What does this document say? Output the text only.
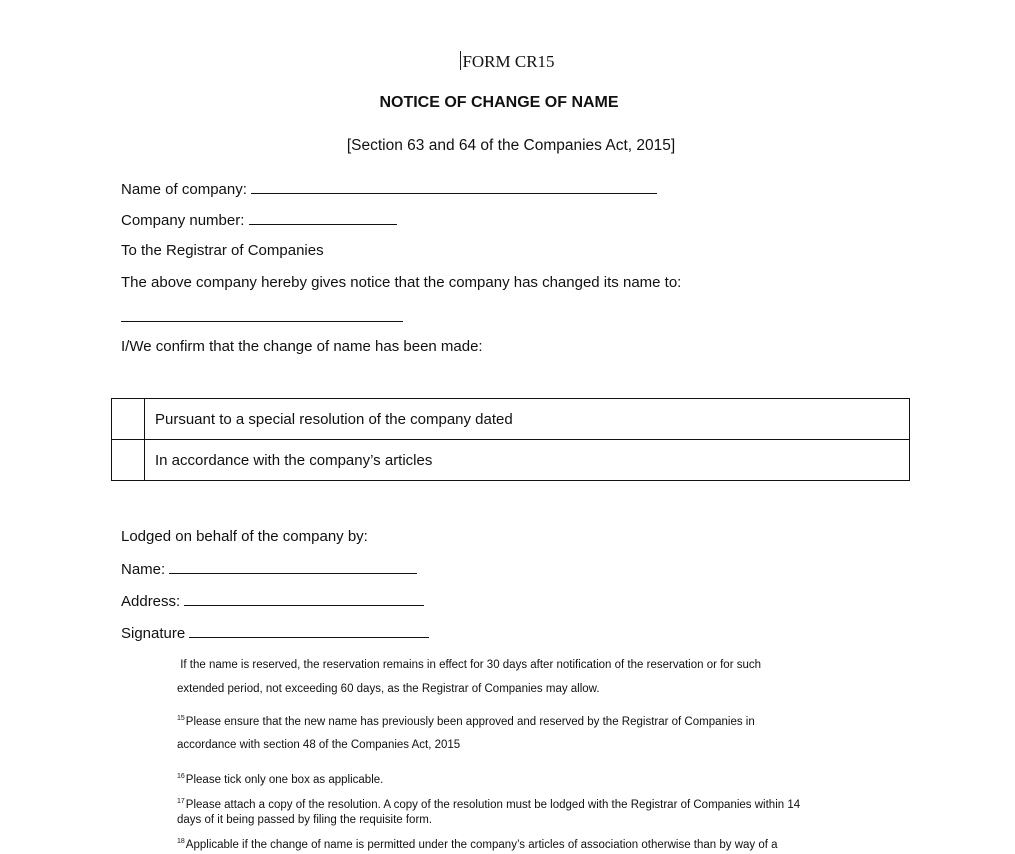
FORM CR15
NOTICE OF CHANGE OF NAME
[Section 63 and 64 of the Companies Act, 2015]
Name of company:
Company number:
To the Registrar of Companies
The above company hereby gives notice that the company has changed its name to:
I/We confirm that the change of name has been made:
	Pursuant to a special resolution of the company dated
	In accordance with the company’s articles
Lodged on behalf of the company by:
Name:
Address:
Signature
If the name is reserved, the reservation remains in effect for 30 days after notification of the reservation or for such
extended period, not exceeding 60 days, as the Registrar of Companies may allow.
$^{15}$Please ensure that the new name has previously been approved and reserved by the Registrar of Companies in
accordance with section 48 of the Companies Act, 2015
$^{16}$Please tick only one box as applicable.
$^{17}$Please attach a copy of the resolution. A copy of the resolution must be lodged with the Registrar of Companies within 14
days of it being passed by filing the requisite form.
$^{18}$Applicable if the change of name is permitted under the company’s articles of association otherwise than by way of a
